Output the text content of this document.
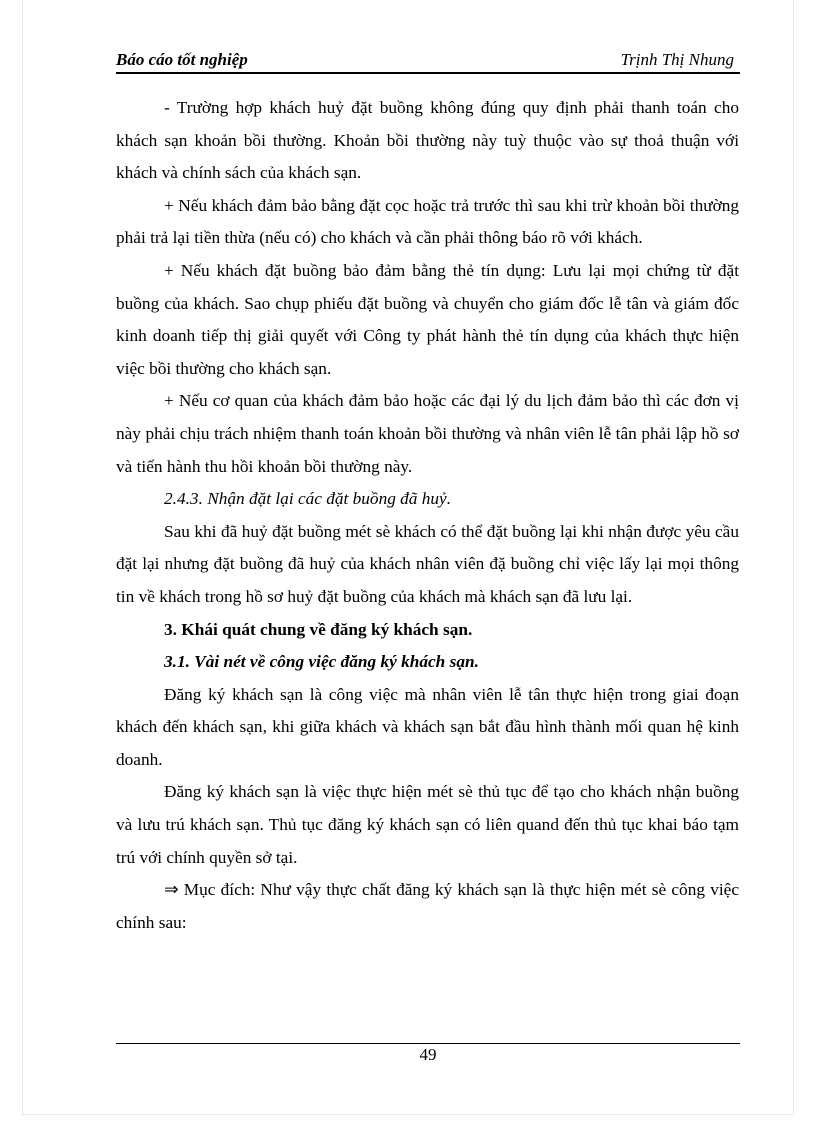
Báo cáo tốt nghiệp	Trịnh Thị Nhung

- Trường hợp khách huỷ đặt buồng không đúng quy định phải thanh toán cho khách sạn khoản bồi thường. Khoản bồi thường này tuỳ thuộc vào sự thoả thuận với khách và chính sách của khách sạn.

+ Nếu khách đảm bảo bằng đặt cọc hoặc trả trước thì sau khi trừ khoản bồi thường phải trả lại tiền thừa (nếu có) cho khách và cần phải thông báo rõ với khách.

+ Nếu khách đặt buồng bảo đảm bằng thẻ tín dụng: Lưu lại mọi chứng từ đặt buồng của khách. Sao chụp phiếu đặt buồng và chuyển cho giám đốc lễ tân và giám đốc kinh doanh tiếp thị giải quyết với Công ty phát hành thẻ tín dụng của khách thực hiện việc bồi thường cho khách sạn.

+ Nếu cơ quan của khách đảm bảo hoặc các đại lý du lịch đảm bảo thì các đơn vị này phải chịu trách nhiệm thanh toán khoản bồi thường và nhân viên lễ tân phải lập hồ sơ và tiến hành thu hồi khoản bồi thường này.

2.4.3. Nhận đặt lại các đặt buồng đã huỷ.

Sau khi đã huỷ đặt buồng mét sè khách có thể đặt buồng lại khi nhận được yêu cầu đặt lại nhưng đặt buồng đã huỷ của khách nhân viên đặ buồng chỉ việc lấy lại mọi thông tin về khách trong hồ sơ huỷ đặt buồng của khách mà khách sạn đã lưu lại.

3. Khái quát chung về đăng ký khách sạn.

3.1. Vài nét về công việc đăng ký khách sạn.

Đăng ký khách sạn là công việc mà nhân viên lễ tân thực hiện trong giai đoạn khách đến khách sạn, khi giữa khách và khách sạn bắt đầu hình thành mối quan hệ kinh doanh.

Đăng ký khách sạn là việc thực hiện mét sè thủ tục để tạo cho khách nhận buồng và lưu trú khách sạn. Thủ tục đăng ký khách sạn có liên quand đến thủ tục khai báo tạm trú với chính quyền sở tại.

⇒ Mục đích: Như vậy thực chất đăng ký khách sạn là thực hiện mét sè công việc chính sau:

49
